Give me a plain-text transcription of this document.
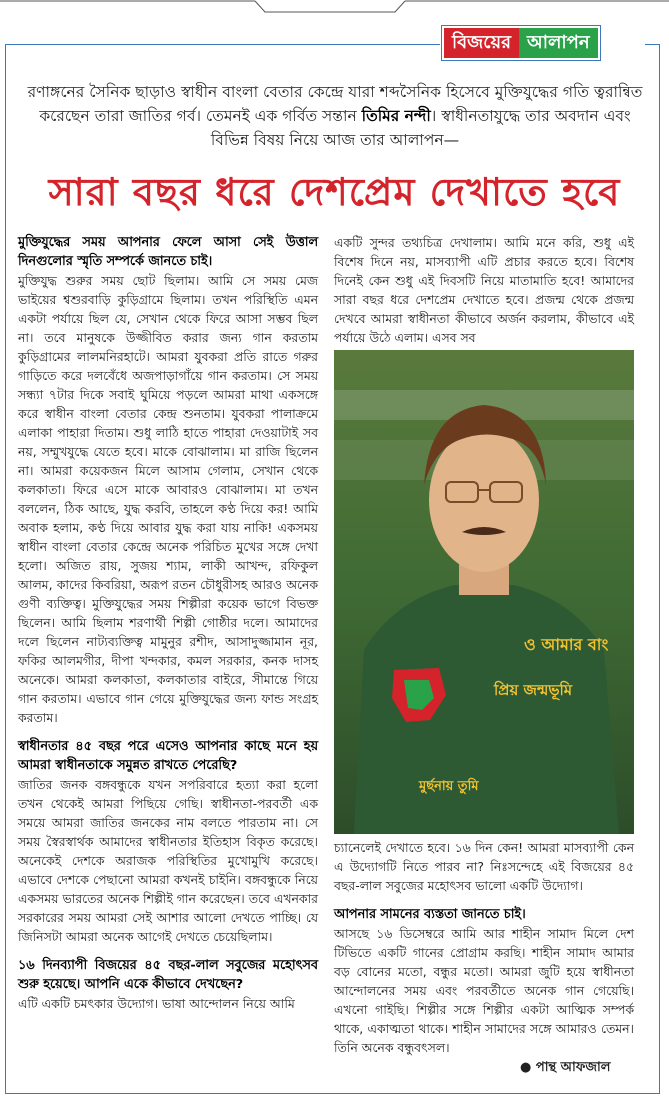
বিজয়ের আলাপন
রণাঙ্গনের সৈনিক ছাড়াও স্বাধীন বাংলা বেতার কেন্দ্রে যারা শব্দসৈনিক হিসেবে মুক্তিযুদ্ধের গতি ত্বরান্বিত করেছেন তারা জাতির গর্ব। তেমনই এক গর্বিত সন্তান তিমির নন্দী। স্বাধীনতাযুদ্ধে তার অবদান এবং বিভিন্ন বিষয় নিয়ে আজ তার আলাপন—
সারা বছর ধরে দেশপ্রেম দেখাতে হবে

মুক্তিযুদ্ধের সময় আপনার ফেলে আসা সেই উত্তাল দিনগুলোর স্মৃতি সম্পর্কে জানতে চাই।

মুক্তিযুদ্ধ শুরুর সময় ছোট ছিলাম। আমি সে সময় মেজ ভাইয়ের শ্বশুরবাড়ি কুড়িগ্রামে ছিলাম। তখন পরিস্থিতি এমন একটা পর্যায়ে ছিল যে, সেখান থেকে ফিরে আসা সম্ভব ছিল না। তবে মানুষকে উজ্জীবিত করার জন্য গান করতাম কুড়িগ্রামের লালমনিরহাটে। আমরা যুবকরা প্রতি রাতে গরুর গাড়িতে করে দলবেঁধে অজপাড়াগাঁয়ে গান করতাম। সে সময় সন্ধ্যা ৭টার দিকে সবাই ঘুমিয়ে পড়লে আমরা মাথা একসঙ্গে করে স্বাধীন বাংলা বেতার কেন্দ্র শুনতাম। যুবকরা পালাক্রমে এলাকা পাহারা দিতাম। শুধু লাঠি হাতে পাহারা দেওয়াটাই সব নয়, সম্মুখযুদ্ধে যেতে হবে। মাকে বোঝালাম। মা রাজি ছিলেন না। আমরা কয়েকজন মিলে আসাম গেলাম, সেখান থেকে কলকাতা। ফিরে এসে মাকে আবারও বোঝালাম। মা তখন বললেন, ঠিক আছে, যুদ্ধ করবি, তাহলে কণ্ঠ দিয়ে কর! আমি অবাক হলাম, কণ্ঠ দিয়ে আবার যুদ্ধ করা যায় নাকি! একসময় স্বাধীন বাংলা বেতার কেন্দ্রে অনেক পরিচিত মুখের সঙ্গে দেখা হলো। অজিত রায়, সুজয় শ্যাম, লাকী আখন্দ, রফিকুল আলম, কাদের কিবরিয়া, অরূপ রতন চৌধুরীসহ আরও অনেক গুণী ব্যক্তিত্ব। মুক্তিযুদ্ধের সময় শিল্পীরা কয়েক ভাগে বিভক্ত ছিলেন। আমি ছিলাম শরণার্থী শিল্পী গোষ্ঠীর দলে। আমাদের দলে ছিলেন নাট্যব্যক্তিত্ব মামুনুর রশীদ, আসাদুজ্জামান নূর, ফকির আলমগীর, দীপা খন্দকার, কমল সরকার, কনক দাসহ অনেকে। আমরা কলকাতা, কলকাতার বাইরে, সীমান্তে গিয়ে গান করতাম। এভাবে গান গেয়ে মুক্তিযুদ্ধের জন্য ফান্ড সংগ্রহ করতাম।

স্বাধীনতার ৪৫ বছর পরে এসেও আপনার কাছে মনে হয় আমরা স্বাধীনতাকে সমুন্নত রাখতে পেরেছি?

জাতির জনক বঙ্গবন্ধুকে যখন সপরিবারে হত্যা করা হলো তখন থেকেই আমরা পিছিয়ে গেছি। স্বাধীনতা-পরবর্তী এক সময়ে আমরা জাতির জনকের নাম বলতে পারতাম না। সে সময় স্বৈরস্বার্থক আমাদের স্বাধীনতার ইতিহাস বিকৃত করেছে। অনেকেই দেশকে অরাজক পরিস্থিতির মুখোমুখি করেছে। এভাবে দেশকে পেছানো আমরা কখনই চাইনি। বঙ্গবন্ধুকে নিয়ে একসময় ভারতের অনেক শিল্পীই গান করেছেন। তবে এখনকার সরকারের সময় আমরা সেই আশার আলো দেখতে পাচ্ছি। যে জিনিসটা আমরা অনেক আগেই দেখতে চেয়েছিলাম।

১৬ দিনব্যাপী বিজয়ের ৪৫ বছর-লাল সবুজের মহোৎসব শুরু হয়েছে। আপনি একে কীভাবে দেখছেন?

এটি একটি চমৎকার উদ্যোগ। ভাষা আন্দোলন নিয়ে আমি

একটি সুন্দর তথ্যচিত্র দেখালাম। আমি মনে করি, শুধু এই বিশেষ দিনে নয়, মাসব্যাপী এটি প্রচার করতে হবে। বিশেষ দিনেই কেন শুধু এই দিবসটি নিয়ে মাতামাতি হবে! আমাদের সারা বছর ধরে দেশপ্রেম দেখাতে হবে। প্রজন্ম থেকে প্রজন্ম দেখবে আমরা স্বাধীনতা কীভাবে অর্জন করলাম, কীভাবে এই পর্যায়ে উঠে এলাম। এসব সব

ও আমার বাং
প্রিয় জন্মভূমি
মুর্ছনায় তুমি

চ্যানেলেই দেখাতে হবে। ১৬ দিন কেন! আমরা মাসব্যাপী কেন এ উদ্যোগটি নিতে পারব না? নিঃসন্দেহে এই বিজয়ের ৪৫ বছর-লাল সবুজের মহোৎসব ভালো একটি উদ্যোগ।

আপনার সামনের ব্যস্ততা জানতে চাই।

আসছে ১৬ ডিসেম্বরে আমি আর শাহীন সামাদ মিলে দেশ টিভিতে একটি গানের প্রোগ্রাম করছি। শাহীন সামাদ আমার বড় বোনের মতো, বন্ধুর মতো। আমরা জুটি হয়ে স্বাধীনতা আন্দোলনের সময় এবং পরবর্তীতে অনেক গান গেয়েছি। এখনো গাইছি। শিল্পীর সঙ্গে শিল্পীর একটা আত্মিক সম্পর্ক থাকে, একাত্মতা থাকে। শাহীন সামাদের সঙ্গে আমারও তেমন। তিনি অনেক বন্ধুবৎসল।

● পান্থ আফজাল
